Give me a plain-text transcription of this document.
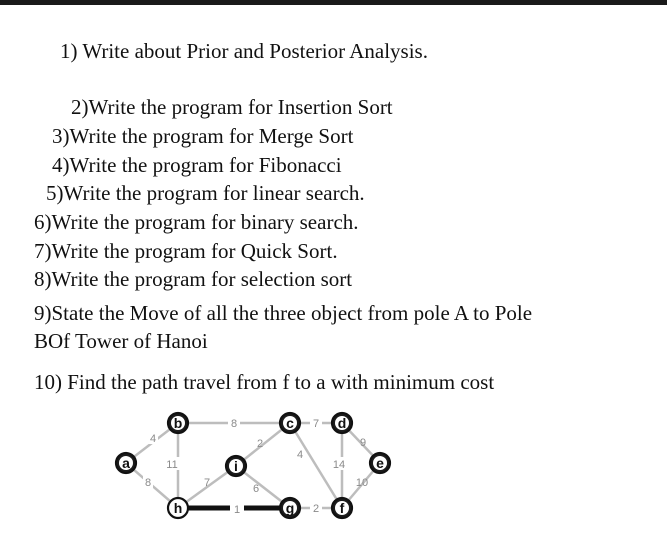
1) Write about Prior and Posterior Analysis.
2)Write the program for Insertion Sort
3)Write the program for Merge Sort
4)Write the program for Fibonacci
5)Write the program for linear search.
6)Write the program for binary search.
7)Write the program for Quick Sort.
8)Write the program for selection sort
9)State the Move of all the three object from pole A to Pole
BOf Tower of Hanoi
10) Find the path travel from f to a with minimum cost
4
8
8
11
7
1
2
6
2
7
9
4
14
10
a
b	c	d
e
h
i
g	f
